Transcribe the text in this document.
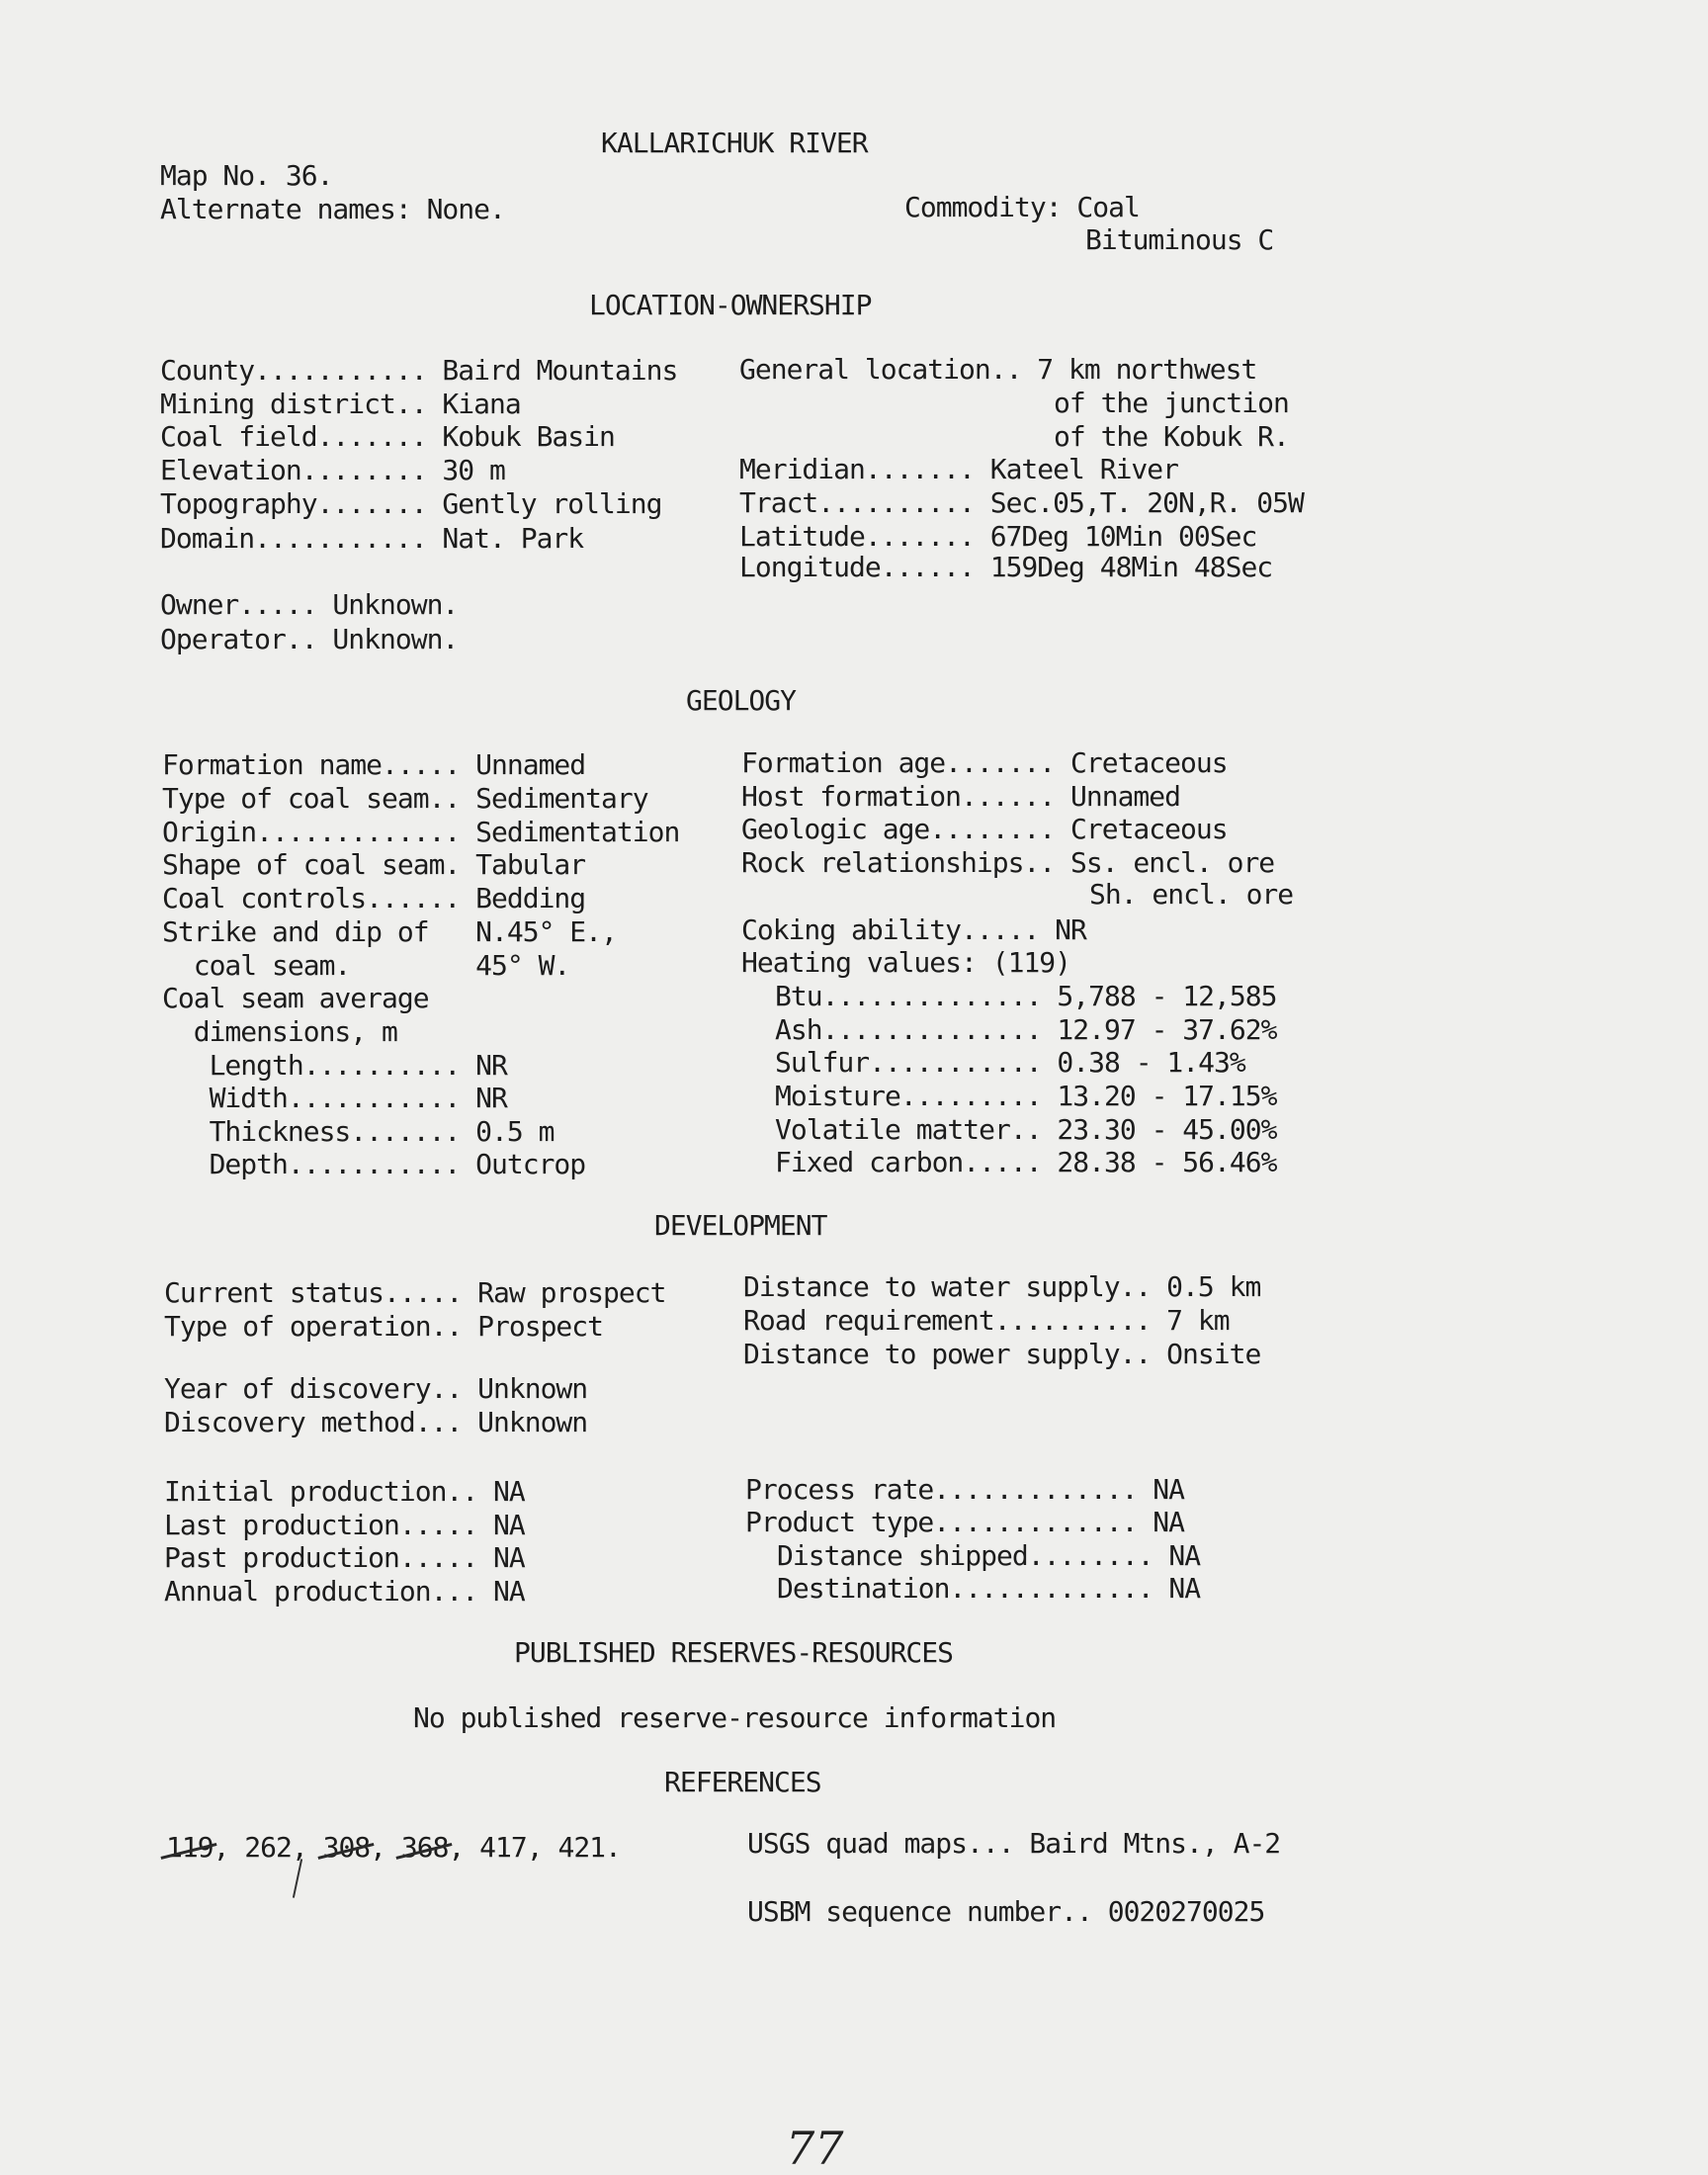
KALLARICHUK RIVER
Map No. 36.
Alternate names: None.	Commodity: Coal
Bituminous C
LOCATION-OWNERSHIP
County........... Baird Mountains
Mining district.. Kiana
Coal field....... Kobuk Basin
Elevation........ 30 m
Topography....... Gently rolling
Domain........... Nat. Park
General location.. 7 km northwest
of the junction
of the Kobuk R.
Meridian....... Kateel River
Tract.......... Sec.05,T. 20N,R. 05W
Latitude....... 67Deg 10Min 00Sec
Longitude...... 159Deg 48Min 48Sec
Owner..... Unknown.
Operator.. Unknown.
GEOLOGY
Formation name..... Unnamed
Type of coal seam.. Sedimentary
Origin............. Sedimentation
Shape of coal seam. Tabular
Coal controls...... Bedding
Strike and dip of   N.45° E.,
coal seam.        45° W.
Coal seam average
dimensions, m
Length.......... NR
Width........... NR
Thickness....... 0.5 m
Depth........... Outcrop
Formation age....... Cretaceous
Host formation...... Unnamed
Geologic age........ Cretaceous
Rock relationships.. Ss. encl. ore
Sh. encl. ore
Coking ability..... NR
Heating values: (119)
Btu.............. 5,788 - 12,585
Ash.............. 12.97 - 37.62%
Sulfur........... 0.38 - 1.43%
Moisture......... 13.20 - 17.15%
Volatile matter.. 23.30 - 45.00%
Fixed carbon..... 28.38 - 56.46%
DEVELOPMENT
Current status..... Raw prospect
Type of operation.. Prospect
Year of discovery.. Unknown
Discovery method... Unknown
Initial production.. NA
Last production..... NA
Past production..... NA
Annual production... NA
Distance to water supply.. 0.5 km
Road requirement.......... 7 km
Distance to power supply.. Onsite
Process rate............. NA
Product type............. NA
Distance shipped........ NA
Destination............. NA
PUBLISHED RESERVES-RESOURCES
No published reserve-resource information
REFERENCES
119, 262, 308, 368, 417, 421.	USGS quad maps... Baird Mtns., A-2
USBM sequence number.. 0020270025
77
